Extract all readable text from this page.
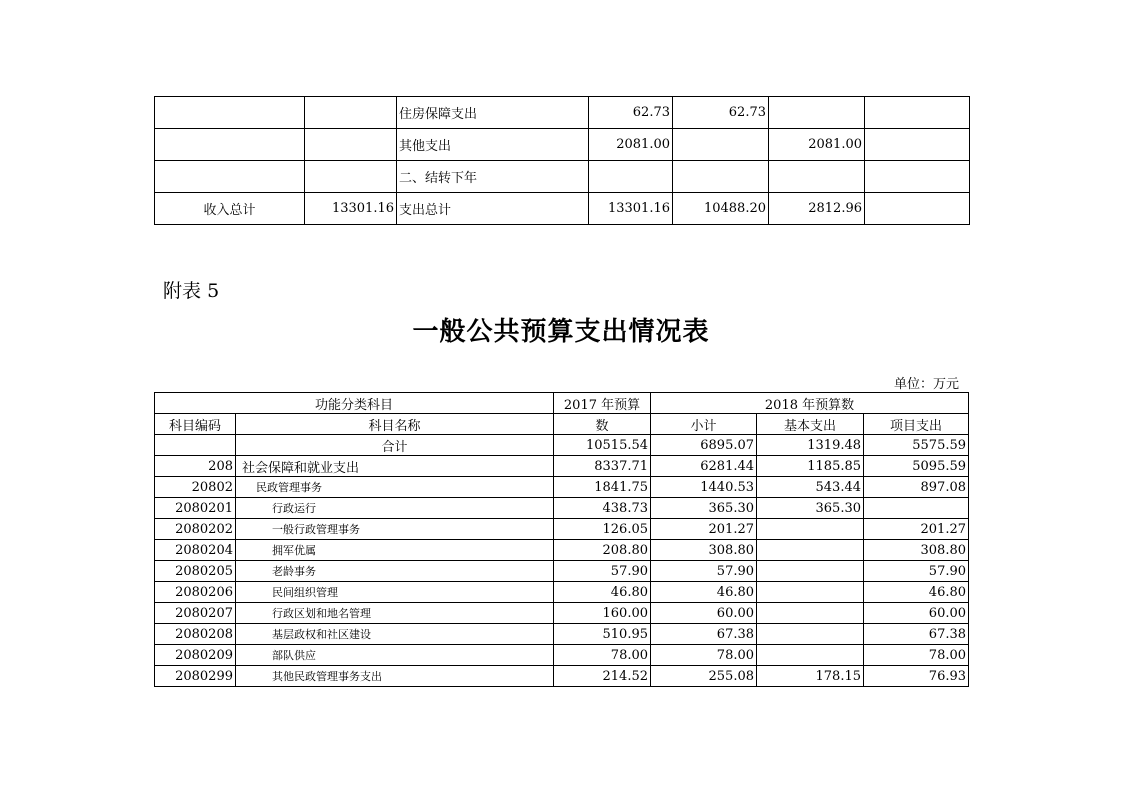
		住房保障支出	62.73	62.73		
		其他支出	2081.00		2081.00	
		二、结转下年				
收入总计	13301.16	支出总计	13301.16	10488.20	2812.96	
附表 5
一般公共预算支出情况表
单位：万元
功能分类科目		2017 年预算	2018 年预算数		
科目编码	科目名称	数	小计	基本支出	项目支出
	合计	10515.54	6895.07	1319.48	5575.59
208	社会保障和就业支出	8337.71	6281.44	1185.85	5095.59
20802	民政管理事务	1841.75	1440.53	543.44	897.08
2080201	行政运行	438.73	365.30	365.30	
2080202	一般行政管理事务	126.05	201.27		201.27
2080204	拥军优属	208.80	308.80		308.80
2080205	老龄事务	57.90	57.90		57.90
2080206	民间组织管理	46.80	46.80		46.80
2080207	行政区划和地名管理	160.00	60.00		60.00
2080208	基层政权和社区建设	510.95	67.38		67.38
2080209	部队供应	78.00	78.00		78.00
2080299	其他民政管理事务支出	214.52	255.08	178.15	76.93
